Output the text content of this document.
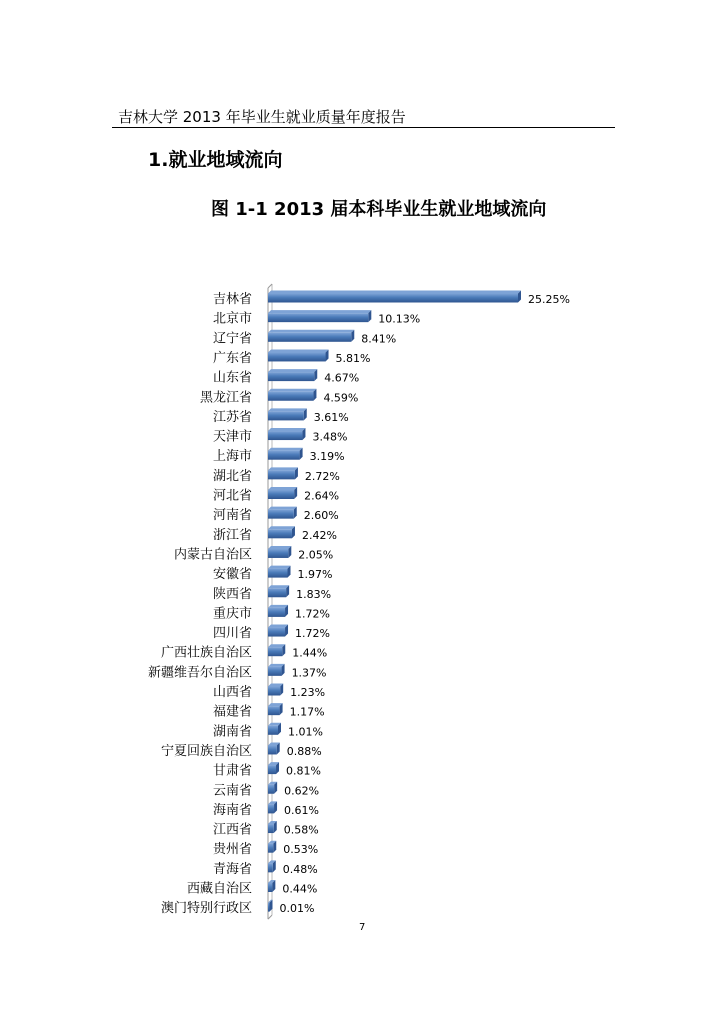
吉林大学 2013 年毕业生就业质量年度报告
1.就业地域流向
图 1-1 2013 届本科毕业生就业地域流向
吉林省	25.25%
北京市	10.13%
辽宁省	8.41%
广东省	5.81%
山东省	4.67%
黑龙江省	4.59%
江苏省	3.61%
天津市	3.48%
上海市	3.19%
湖北省	2.72%
河北省	2.64%
河南省	2.60%
浙江省	2.42%
内蒙古自治区	2.05%
安徽省	1.97%
陕西省	1.83%
重庆市	1.72%
四川省	1.72%
广西壮族自治区	1.44%
新疆维吾尔自治区	1.37%
山西省	1.23%
福建省	1.17%
湖南省	1.01%
宁夏回族自治区	0.88%
甘肃省	0.81%
云南省	0.62%
海南省	0.61%
江西省	0.58%
贵州省	0.53%
青海省	0.48%
西藏自治区	0.44%
澳门特别行政区	0.01%
7
